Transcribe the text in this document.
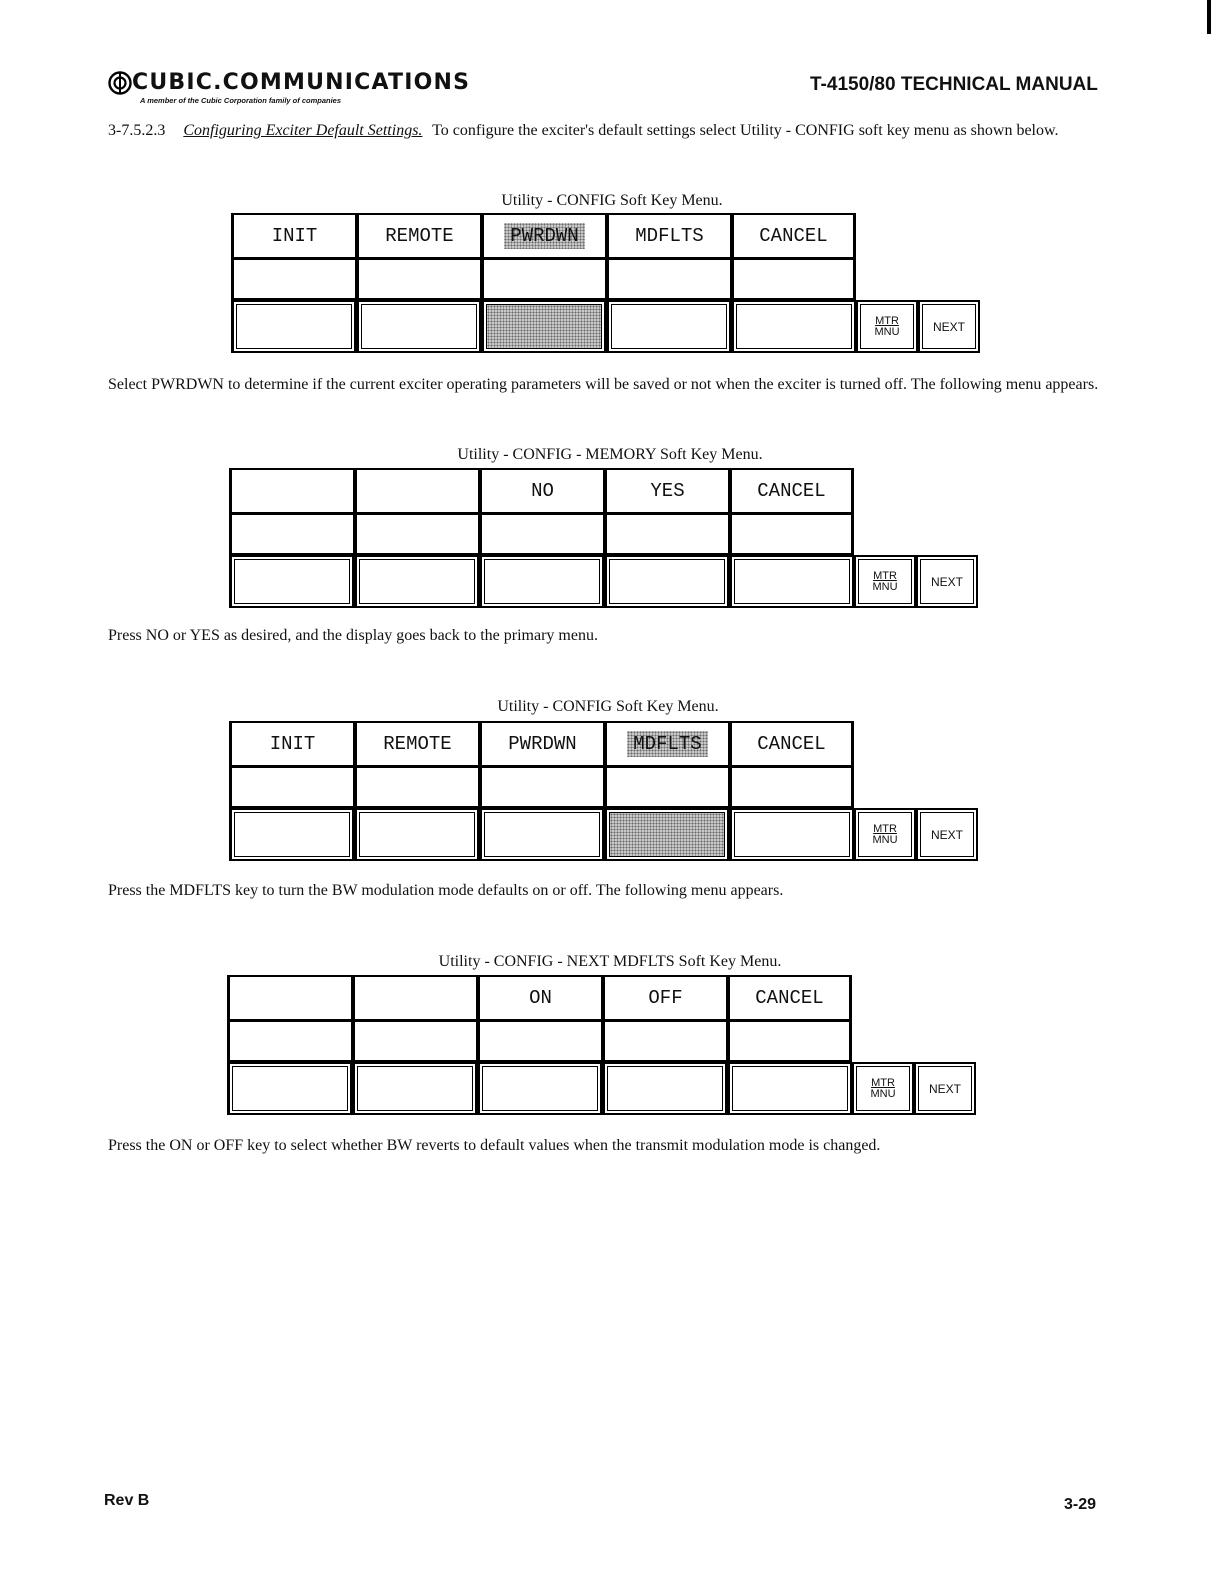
CUBIC.COMMUNICATIONS
A member of the Cubic Corporation family of companies
T-4150/80 TECHNICAL MANUAL
3-7.5.2.3 Configuring Exciter Default Settings. To configure the exciter's default settings select Utility - CONFIG soft key menu as shown below.
Utility - CONFIG Soft Key Menu.
INIT	REMOTE	PWRDWN	MDFLTS	CANCEL
MTR
MNU	NEXT
Select PWRDWN to determine if the current exciter operating parameters will be saved or not when the exciter is turned off. The following menu appears.
Utility - CONFIG - MEMORY Soft Key Menu.
NO	YES	CANCEL
MTR
MNU	NEXT
Press NO or YES as desired, and the display goes back to the primary menu.
Utility - CONFIG Soft Key Menu.
INIT	REMOTE	PWRDWN	MDFLTS	CANCEL
MTR
MNU	NEXT
Press the MDFLTS key to turn the BW modulation mode defaults on or off. The following menu appears.
Utility - CONFIG - NEXT MDFLTS Soft Key Menu.
ON	OFF	CANCEL
MTR
MNU	NEXT
Press the ON or OFF key to select whether BW reverts to default values when the transmit modulation mode is changed.
Rev B	3-29
